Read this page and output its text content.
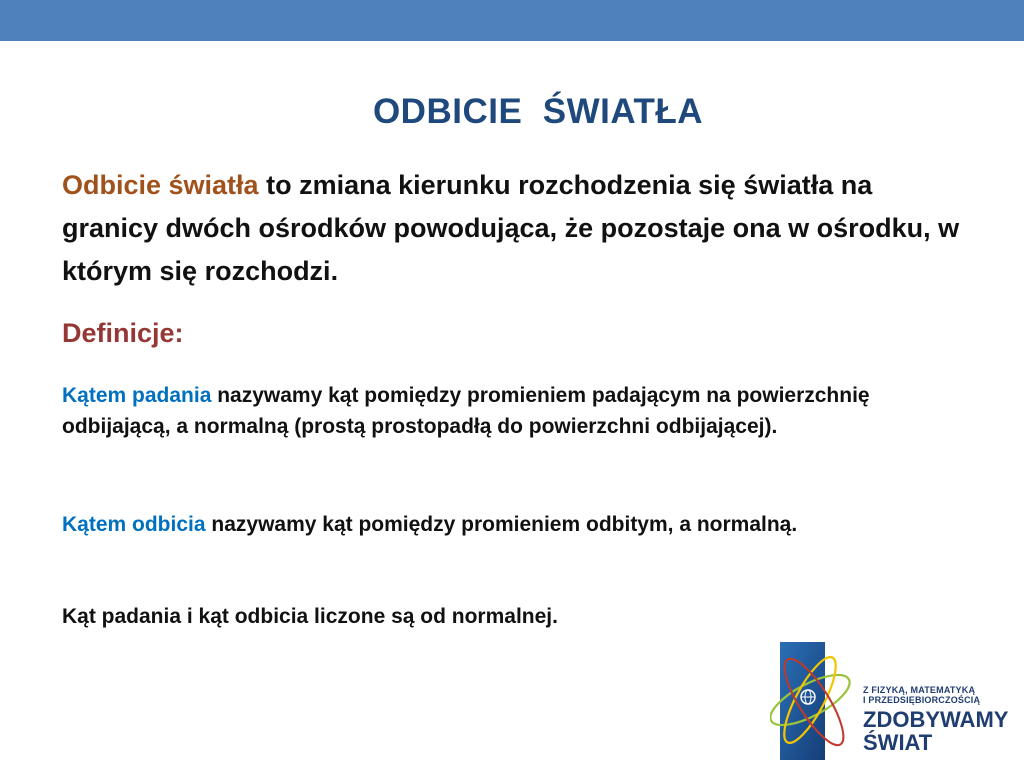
ODBICIE  ŚWIATŁA
Odbicie światła to zmiana kierunku rozchodzenia się światła na granicy dwóch ośrodków powodująca, że pozostaje ona w ośrodku, w którym się rozchodzi.
Definicje:
Kątem padania nazywamy kąt pomiędzy promieniem padającym na powierzchnię odbijającą, a normalną (prostą prostopadłą do powierzchni odbijającej).
Kątem odbicia nazywamy kąt pomiędzy promieniem odbitym, a normalną.
Kąt padania i kąt odbicia liczone są od normalnej.
Z FIZYKĄ, MATEMATYKĄ
I PRZEDSIĘBIORCZOŚCIĄ
ZDOBYWAMY
ŚWIAT
